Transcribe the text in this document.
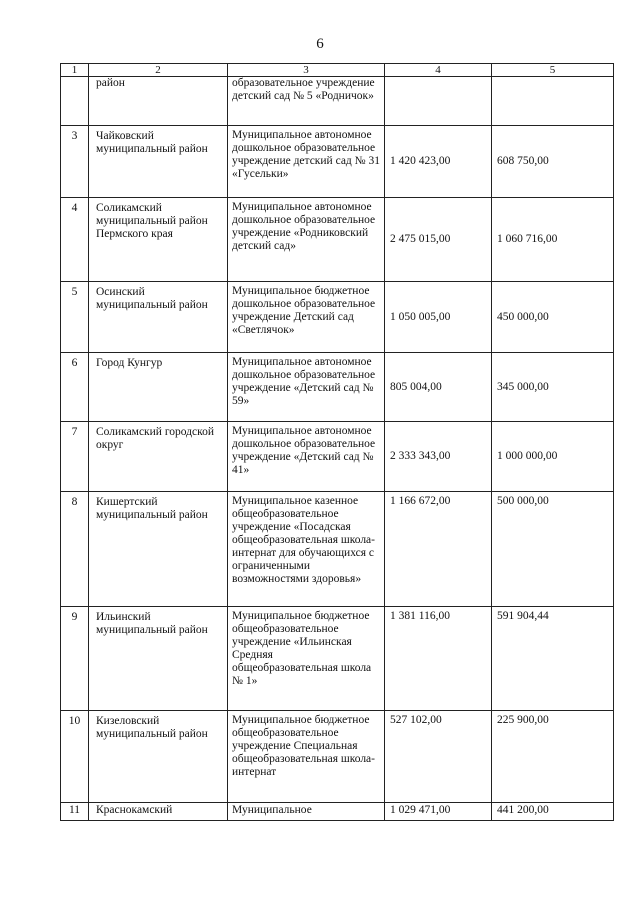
6
1	2	3	4	5
	район	образовательное учреждение детский сад № 5 «Родничок»		
3	Чайковский муниципальный район	Муниципальное автономное дошкольное образовательное учреждение детский сад № 31 «Гусельки»	1 420 423,00	608 750,00
4	Соликамский муниципальный район Пермского края	Муниципальное автономное дошкольное образовательное учреждение «Родниковский детский сад»	2 475 015,00	1 060 716,00
5	Осинский муниципальный район	Муниципальное бюджетное дошкольное образовательное учреждение Детский сад «Светлячок»	1 050 005,00	450 000,00
6	Город Кунгур	Муниципальное автономное дошкольное образовательное учреждение «Детский сад № 59»	805 004,00	345 000,00
7	Соликамский городской округ	Муниципальное автономное дошкольное образовательное учреждение «Детский сад № 41»	2 333 343,00	1 000 000,00
8	Кишертский муниципальный район	Муниципальное казенное общеобразовательное учреждение «Посадская общеобразовательная школа-интернат для обучающихся с ограниченными возможностями здоровья»	1 166 672,00	500 000,00
9	Ильинский муниципальный район	Муниципальное бюджетное общеобразовательное учреждение «Ильинская Средняя общеобразовательная школа № 1»	1 381 116,00	591 904,44
10	Кизеловский муниципальный район	Муниципальное бюджетное общеобразовательное учреждение Специальная общеобразовательная школа-интернат	527 102,00	225 900,00
11	Краснокамский	Муниципальное	1 029 471,00	441 200,00
